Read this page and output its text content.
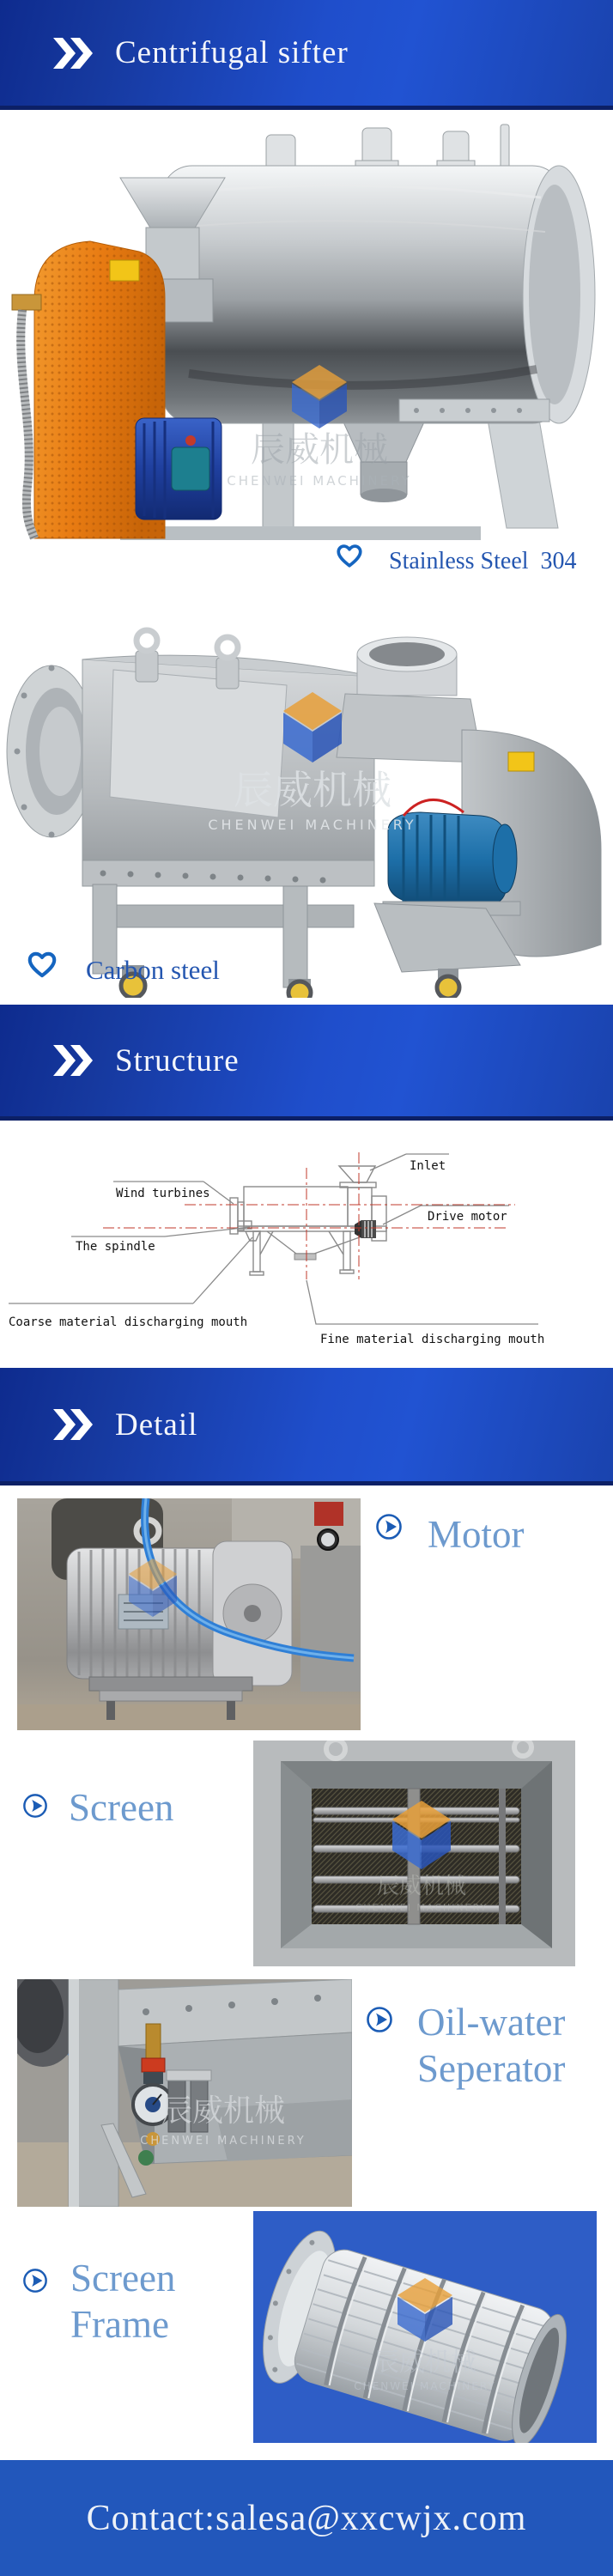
Centrifugal sifter
辰威机械
CHENWEI MACHINERY
Stainless Steel  304
辰威机械
CHENWEI MACHINERY
Carbon steel
Structure
Inlet
Wind turbines
Drive motor
The spindle
Coarse material discharging mouth
Fine material discharging mouth
Detail
Motor
Screen
辰威机械
CHENWEI MACHINERY
辰威机械
CHENWEI MACHINERY
Oil-water
Seperator
Screen
Frame
辰威机械
CHENWEI MACHINERY
Contact:salesa@xxcwjx.com
